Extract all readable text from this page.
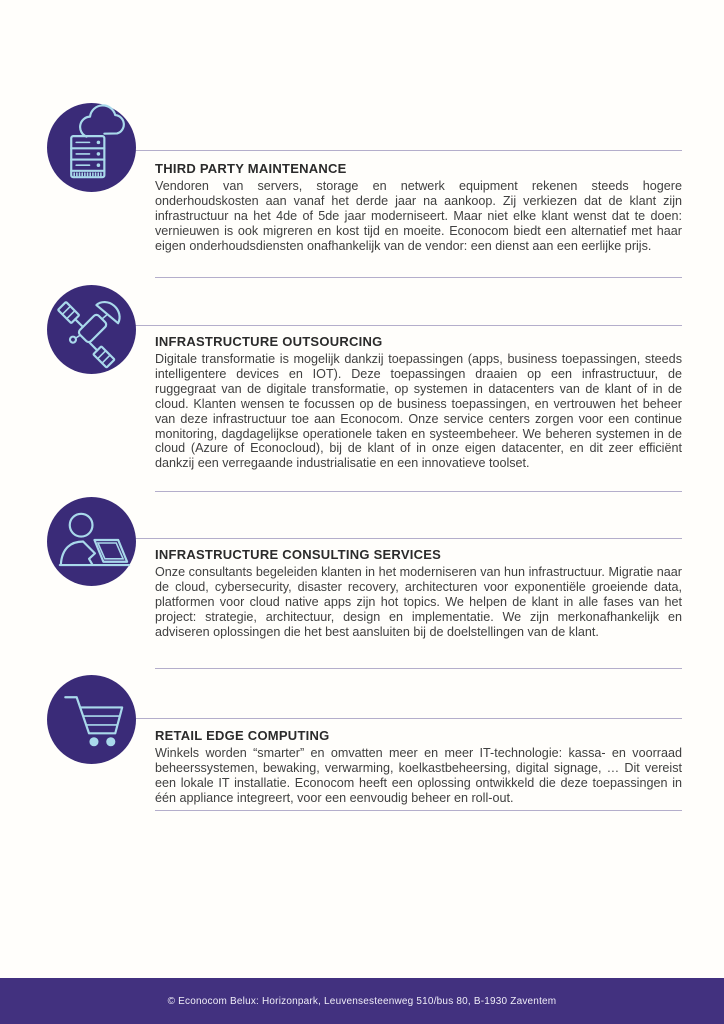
THIRD PARTY MAINTENANCE

Vendoren van servers, storage en netwerk equipment rekenen steeds hogere onderhoudskosten aan vanaf het derde jaar na aankoop. Zij verkiezen dat de klant zijn infrastructuur na het 4de of 5de jaar moderniseert. Maar niet elke klant wenst dat te doen: vernieuwen is ook migreren en kost tijd en moeite. Econocom biedt een alternatief met haar eigen onderhoudsdiensten onafhankelijk van de vendor: een dienst aan een eerlijke prijs.

INFRASTRUCTURE OUTSOURCING

Digitale transformatie is mogelijk dankzij toepassingen (apps, business toepassingen, steeds intelligentere devices en IOT). Deze toepassingen draaien op een infrastructuur, de ruggegraat van de digitale transformatie, op systemen in datacenters van de klant of in de cloud. Klanten wensen te focussen op de business toepassingen, en vertrouwen het beheer van deze infrastructuur toe aan Econocom. Onze service centers zorgen voor een continue monitoring, dagdagelijkse operationele taken en systeembeheer. We beheren systemen in de cloud (Azure of Econocloud), bij de klant of in onze eigen datacenter, en dit zeer efficiënt dankzij een verregaande industrialisatie en een innovatieve toolset.

INFRASTRUCTURE CONSULTING SERVICES

Onze consultants begeleiden klanten in het moderniseren van hun infrastructuur. Migratie naar de cloud, cybersecurity, disaster recovery, architecturen voor exponentiële groeiende data, platformen voor cloud native apps zijn hot topics. We helpen de klant in alle fases van het project: strategie, architectuur, design en implementatie. We zijn merkonafhankelijk en adviseren oplossingen die het best aansluiten bij de doelstellingen van de klant.

RETAIL EDGE COMPUTING

Winkels worden “smarter” en omvatten meer en meer IT-technologie: kassa- en voorraad beheerssystemen, bewaking, verwarming, koelkastbeheersing, digital signage, … Dit vereist een lokale IT installatie. Econocom heeft een oplossing ontwikkeld die deze toepassingen in één appliance integreert, voor een eenvoudig beheer en roll-out.

© Econocom Belux: Horizonpark, Leuvensesteenweg 510/bus 80, B-1930 Zaventem
